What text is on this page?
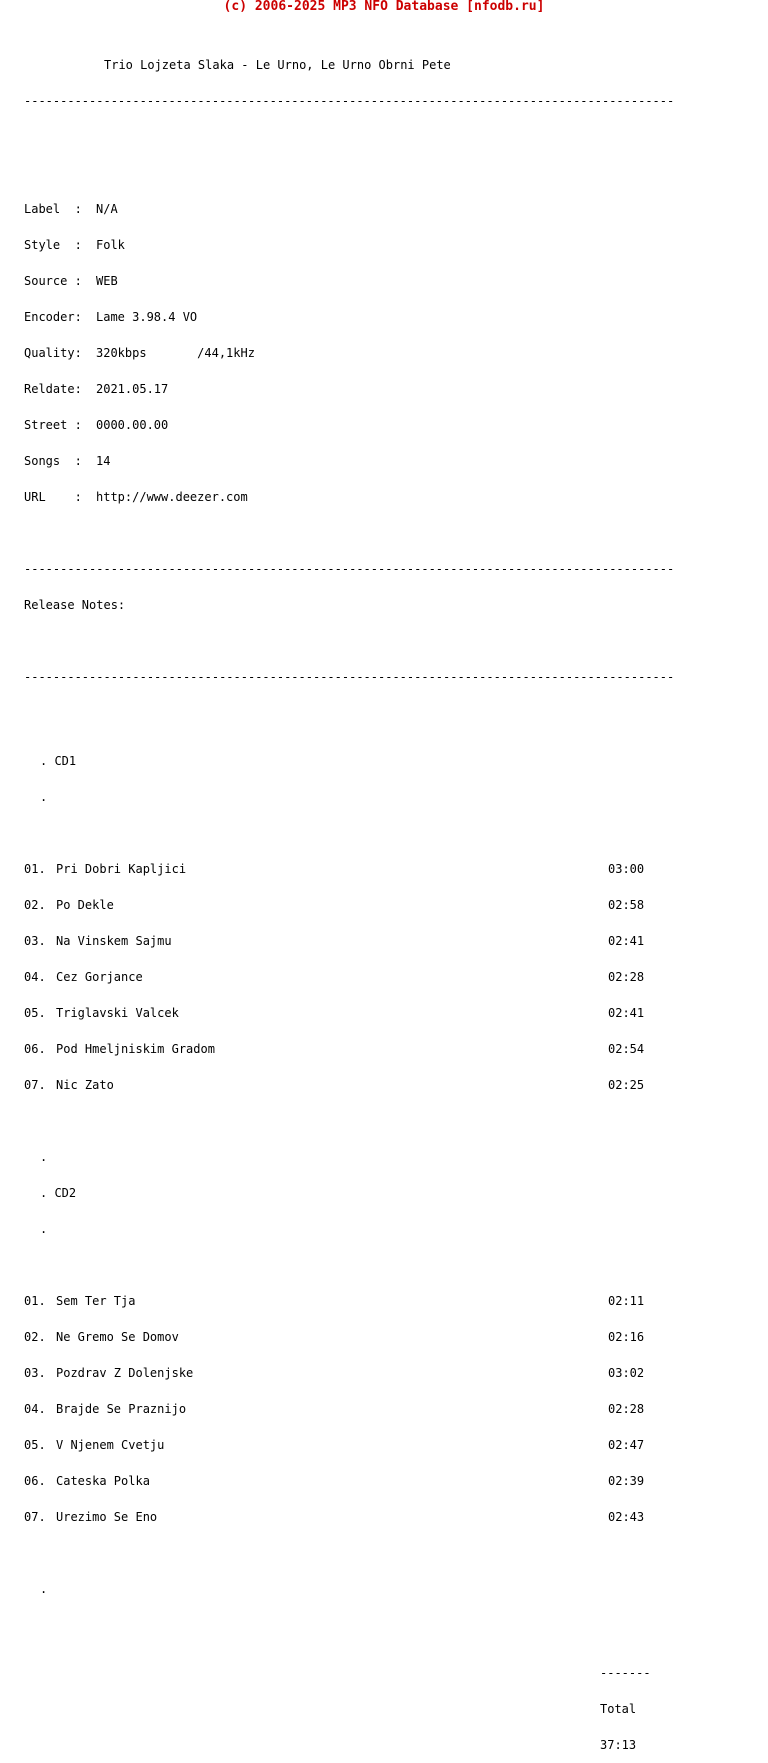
(c) 2006-2025 MP3 NFO Database [nfodb.ru]

Trio Lojzeta Slaka - Le Urno, Le Urno Obrni Pete

------------------------------------------------------------------------------------------

Label  : N/A

Style  : Folk

Source : WEB

Encoder: Lame 3.98.4 VO

Quality: 320kbps       /44,1kHz

Reldate: 2021.05.17

Street : 0000.00.00

Songs  : 14

URL    : http://www.deezer.com

------------------------------------------------------------------------------------------

Release Notes:

------------------------------------------------------------------------------------------

. CD1

.

01. Pri Dobri Kapljici	03:00

02. Po Dekle	02:58

03. Na Vinskem Sajmu	02:41

04. Cez Gorjance	02:28

05. Triglavski Valcek	02:41

06. Pod Hmeljniskim Gradom	02:54

07. Nic Zato	02:25

.

. CD2

.

01. Sem Ter Tja	02:11

02. Ne Gremo Se Domov	02:16

03. Pozdrav Z Dolenjske	03:02

04. Brajde Se Praznijo	02:28

05. V Njenem Cvetju	02:47

06. Cateska Polka	02:39

07. Urezimo Se Eno	02:43

.

-------

Total

37:13
